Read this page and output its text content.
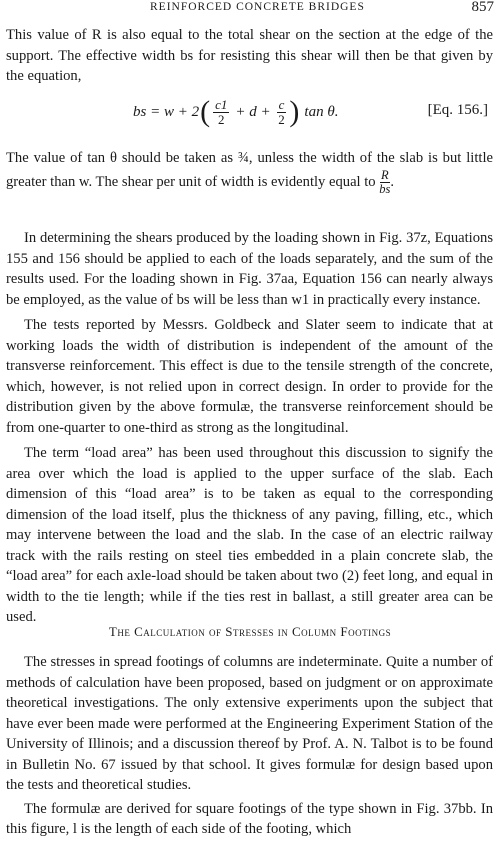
REINFORCED CONCRETE BRIDGES	857

This value of R is also equal to the total shear on the section at the edge of the support. The effective width bs for resisting this shear will then be that given by the equation,

bs = w + 2 ( $\frac{c1}{2} + d + \frac{c}{2}$ ) tan θ.	[Eq. 156.]

The value of tan θ should be taken as ¾, unless the width of the slab is but little greater than w. The shear per unit of width is evidently equal to $\frac{R}{bs}$ .

In determining the shears produced by the loading shown in Fig. 37z, Equations 155 and 156 should be applied to each of the loads separately, and the sum of the results used. For the loading shown in Fig. 37aa, Equation 156 can nearly always be employed, as the value of bs will be less than w1 in practically every instance.

The tests reported by Messrs. Goldbeck and Slater seem to indicate that at working loads the width of distribution is independent of the amount of the transverse reinforcement. This effect is due to the tensile strength of the concrete, which, however, is not relied upon in correct design. In order to provide for the distribution given by the above formulæ, the transverse reinforcement should be from one-quarter to one-third as strong as the longitudinal.

The term “load area” has been used throughout this discussion to signify the area over which the load is applied to the upper surface of the slab. Each dimension of this “load area” is to be taken as equal to the corresponding dimension of the load itself, plus the thickness of any paving, filling, etc., which may intervene between the load and the slab. In the case of an electric railway track with the rails resting on steel ties embedded in a plain concrete slab, the “load area” for each axle-load should be taken about two (2) feet long, and equal in width to the tie length; while if the ties rest in ballast, a still greater area can be used.

The Calculation of Stresses in Column Footings

The stresses in spread footings of columns are indeterminate. Quite a number of methods of calculation have been proposed, based on judgment or on approximate theoretical investigations. The only extensive experiments upon the subject that have ever been made were performed at the Engineering Experiment Station of the University of Illinois; and a discussion thereof by Prof. A. N. Talbot is to be found in Bulletin No. 67 issued by that school. It gives formulæ for design based upon the tests and theoretical studies.

The formulæ are derived for square footings of the type shown in Fig. 37bb. In this figure, l is the length of each side of the footing, which
